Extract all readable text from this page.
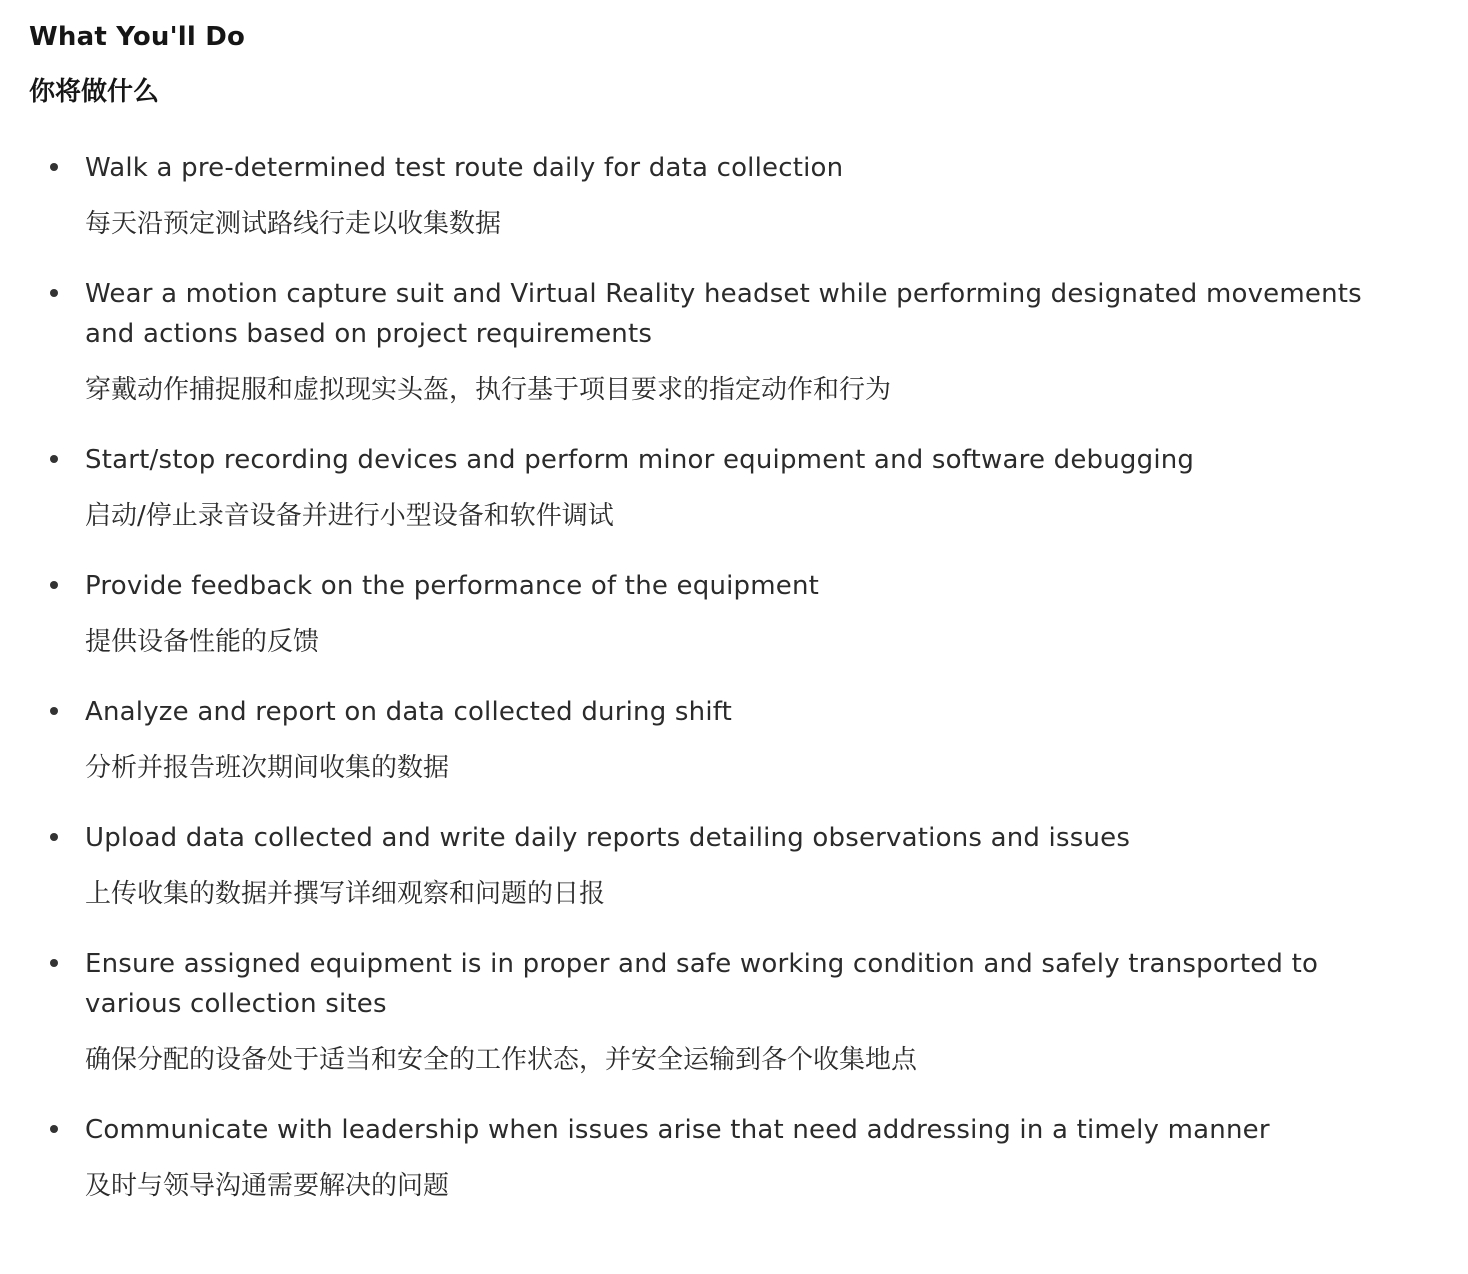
What You'll Do
你将做什么

Walk a pre-determined test route daily for data collection

每天沿预定测试路线行走以收集数据

Wear a motion capture suit and Virtual Reality headset while performing designated movements and actions based on project requirements

穿戴动作捕捉服和虚拟现实头盔，执行基于项目要求的指定动作和行为

Start/stop recording devices and perform minor equipment and software debugging

启动/停止录音设备并进行小型设备和软件调试

Provide feedback on the performance of the equipment

提供设备性能的反馈

Analyze and report on data collected during shift

分析并报告班次期间收集的数据

Upload data collected and write daily reports detailing observations and issues

上传收集的数据并撰写详细观察和问题的日报

Ensure assigned equipment is in proper and safe working condition and safely transported to various collection sites

确保分配的设备处于适当和安全的工作状态，并安全运输到各个收集地点

Communicate with leadership when issues arise that need addressing in a timely manner

及时与领导沟通需要解决的问题
